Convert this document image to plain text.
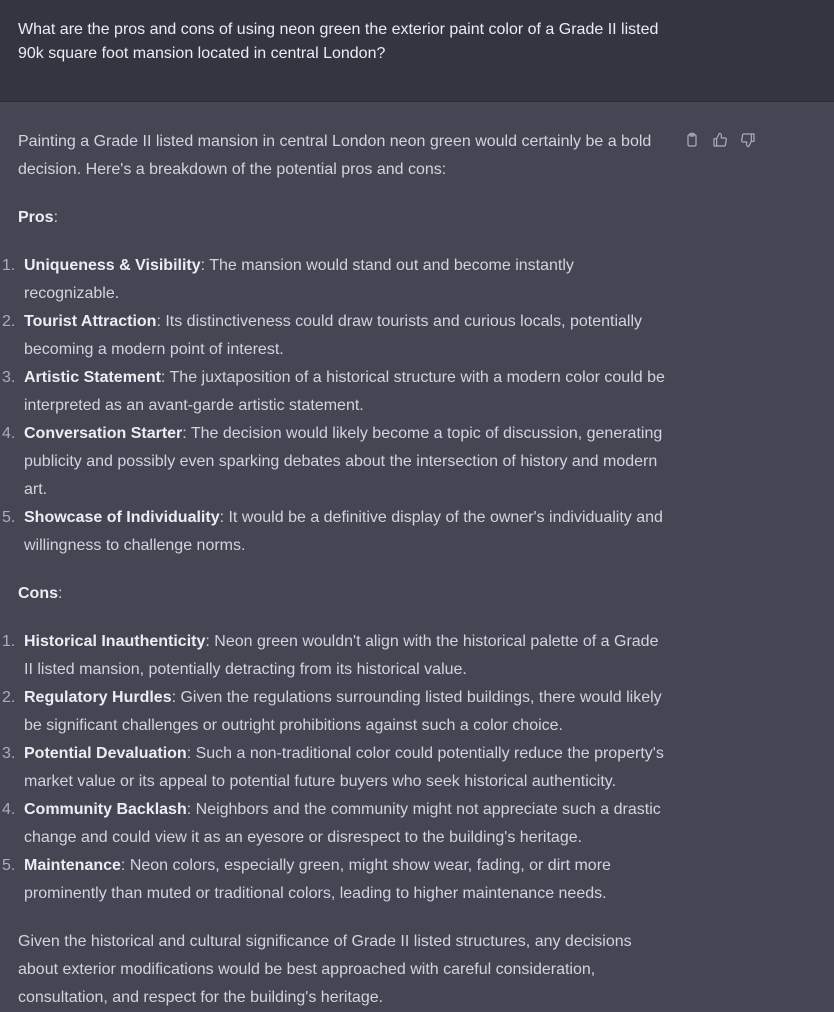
What are the pros and cons of using neon green the exterior paint color of a Grade II listed 90k square foot mansion located in central London?

Painting a Grade II listed mansion in central London neon green would certainly be a bold decision. Here's a breakdown of the potential pros and cons:

Pros:
1. Uniqueness & Visibility: The mansion would stand out and become instantly recognizable.
2. Tourist Attraction: Its distinctiveness could draw tourists and curious locals, potentially becoming a modern point of interest.
3. Artistic Statement: The juxtaposition of a historical structure with a modern color could be interpreted as an avant-garde artistic statement.
4. Conversation Starter: The decision would likely become a topic of discussion, generating publicity and possibly even sparking debates about the intersection of history and modern art.
5. Showcase of Individuality: It would be a definitive display of the owner's individuality and willingness to challenge norms.
Cons:
1. Historical Inauthenticity: Neon green wouldn't align with the historical palette of a Grade II listed mansion, potentially detracting from its historical value.
2. Regulatory Hurdles: Given the regulations surrounding listed buildings, there would likely be significant challenges or outright prohibitions against such a color choice.
3. Potential Devaluation: Such a non-traditional color could potentially reduce the property's market value or its appeal to potential future buyers who seek historical authenticity.
4. Community Backlash: Neighbors and the community might not appreciate such a drastic change and could view it as an eyesore or disrespect to the building's heritage.
5. Maintenance: Neon colors, especially green, might show wear, fading, or dirt more prominently than muted or traditional colors, leading to higher maintenance needs.

Given the historical and cultural significance of Grade II listed structures, any decisions about exterior modifications would be best approached with careful consideration, consultation, and respect for the building's heritage.
